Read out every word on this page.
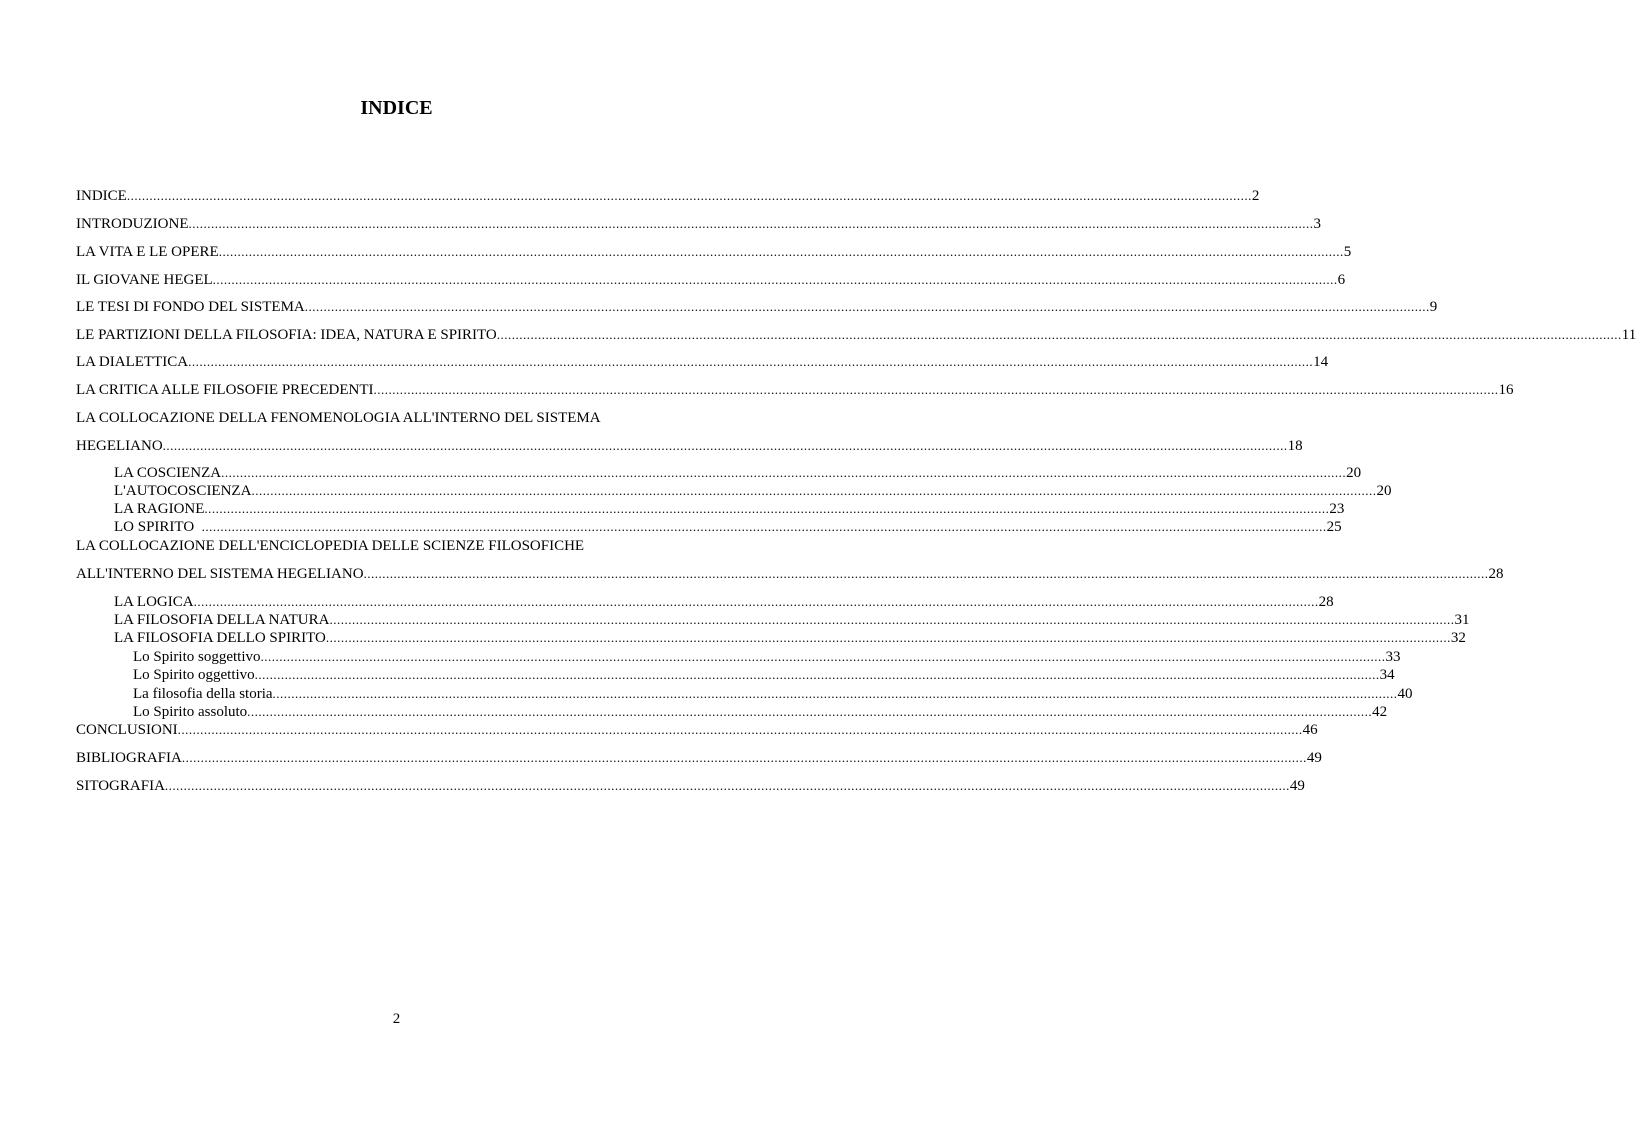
INDICE
INDICE ............................................................................................................................................................................................................................................................................................................ 2
INTRODUZIONE ............................................................................................................................................................................................................................................................................................................ 3
LA VITA E LE OPERE ............................................................................................................................................................................................................................................................................................................ 5
IL GIOVANE HEGEL ............................................................................................................................................................................................................................................................................................................ 6
LE TESI DI FONDO DEL SISTEMA ............................................................................................................................................................................................................................................................................................................ 9
LE PARTIZIONI DELLA FILOSOFIA: IDEA, NATURA E SPIRITO ............................................................................................................................................................................................................................................................................................................ 11
LA DIALETTICA ............................................................................................................................................................................................................................................................................................................ 14
LA CRITICA ALLE FILOSOFIE PRECEDENTI ............................................................................................................................................................................................................................................................................................................ 16
LA COLLOCAZIONE DELLA FENOMENOLOGIA ALL'INTERNO DEL SISTEMA
HEGELIANO ............................................................................................................................................................................................................................................................................................................ 18
LA COSCIENZA ............................................................................................................................................................................................................................................................................................................ 20
L'AUTOCOSCIENZA ............................................................................................................................................................................................................................................................................................................ 20
LA RAGIONE ............................................................................................................................................................................................................................................................................................................ 23
LO SPIRITO ............................................................................................................................................................................................................................................................................................................ 25
LA COLLOCAZIONE DELL'ENCICLOPEDIA DELLE SCIENZE FILOSOFICHE
ALL'INTERNO DEL SISTEMA HEGELIANO ............................................................................................................................................................................................................................................................................................................ 28
LA LOGICA ............................................................................................................................................................................................................................................................................................................ 28
LA FILOSOFIA DELLA NATURA ............................................................................................................................................................................................................................................................................................................ 31
LA FILOSOFIA DELLO SPIRITO ............................................................................................................................................................................................................................................................................................................ 32
Lo Spirito soggettivo ............................................................................................................................................................................................................................................................................................................ 33
Lo Spirito oggettivo ............................................................................................................................................................................................................................................................................................................ 34
La filosofia della storia ............................................................................................................................................................................................................................................................................................................ 40
Lo Spirito assoluto ............................................................................................................................................................................................................................................................................................................ 42
CONCLUSIONI ............................................................................................................................................................................................................................................................................................................ 46
BIBLIOGRAFIA ............................................................................................................................................................................................................................................................................................................ 49
SITOGRAFIA ............................................................................................................................................................................................................................................................................................................ 49
2
